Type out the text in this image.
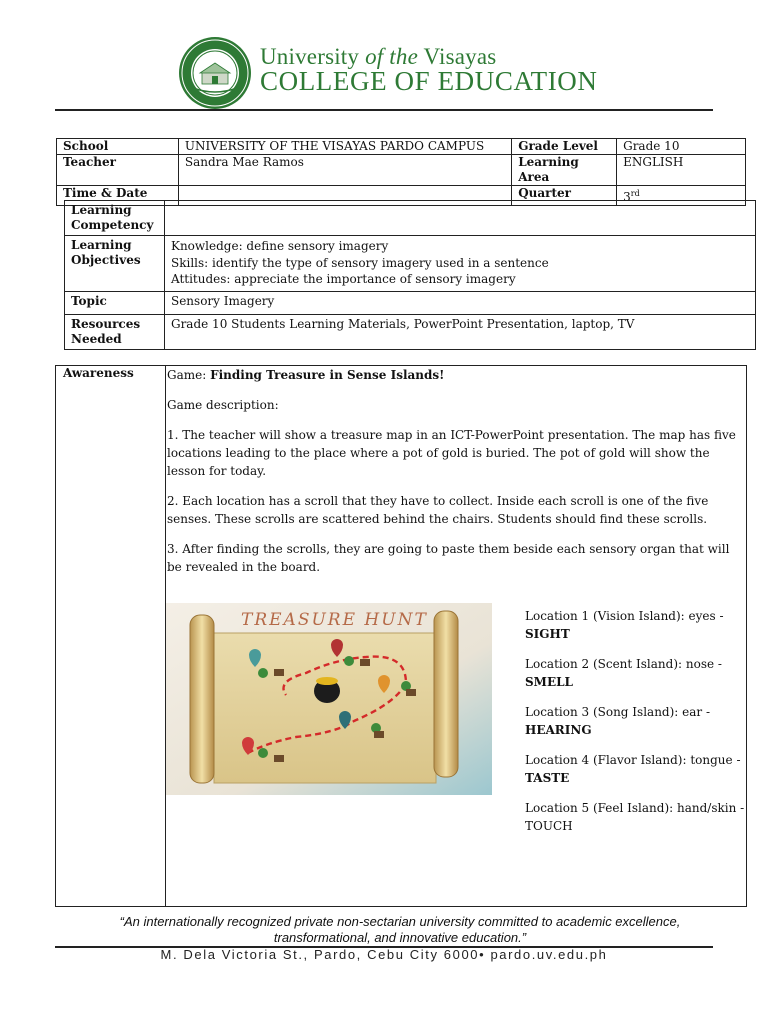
University of the Visayas
COLLEGE OF EDUCATION
School	UNIVERSITY OF THE VISAYAS PARDO CAMPUS	Grade Level	Grade 10
Teacher	Sandra Mae Ramos	Learning Area	ENGLISH
Time & Date		Quarter	3rd
Learning Competency	
Learning Objectives	Knowledge: define sensory imagery
Skills: identify the type of sensory imagery used in a sentence
Attitudes: appreciate the importance of sensory imagery

Topic	Sensory Imagery
Resources Needed	Grade 10 Students Learning Materials, PowerPoint Presentation, laptop, TV
Awareness	Game: Finding Treasure in Sense Islands!

Game description:

1. The teacher will show a treasure map in an ICT-PowerPoint presentation. The map has five locations leading to the place where a pot of gold is buried. The pot of gold will show the lesson for today.

2. Each location has a scroll that they have to collect. Inside each scroll is one of the five senses. These scrolls are scattered behind the chairs. Students should find these scrolls.

3. After finding the scrolls, they are going to paste them beside each sensory organ that will be revealed in the board.

TREASURE HUNT	Location 1 (Vision Island): eyes - SIGHT
Location 2 (Scent Island): nose - SMELL
Location 3 (Song Island): ear - HEARING
Location 4 (Flavor Island): tongue - TASTE
Location 5 (Feel Island): hand/skin - TOUCH
“An internationally recognized private non-sectarian university committed to academic excellence, transformational, and innovative education.”
M. Dela Victoria St., Pardo, Cebu City 6000• pardo.uv.edu.ph
